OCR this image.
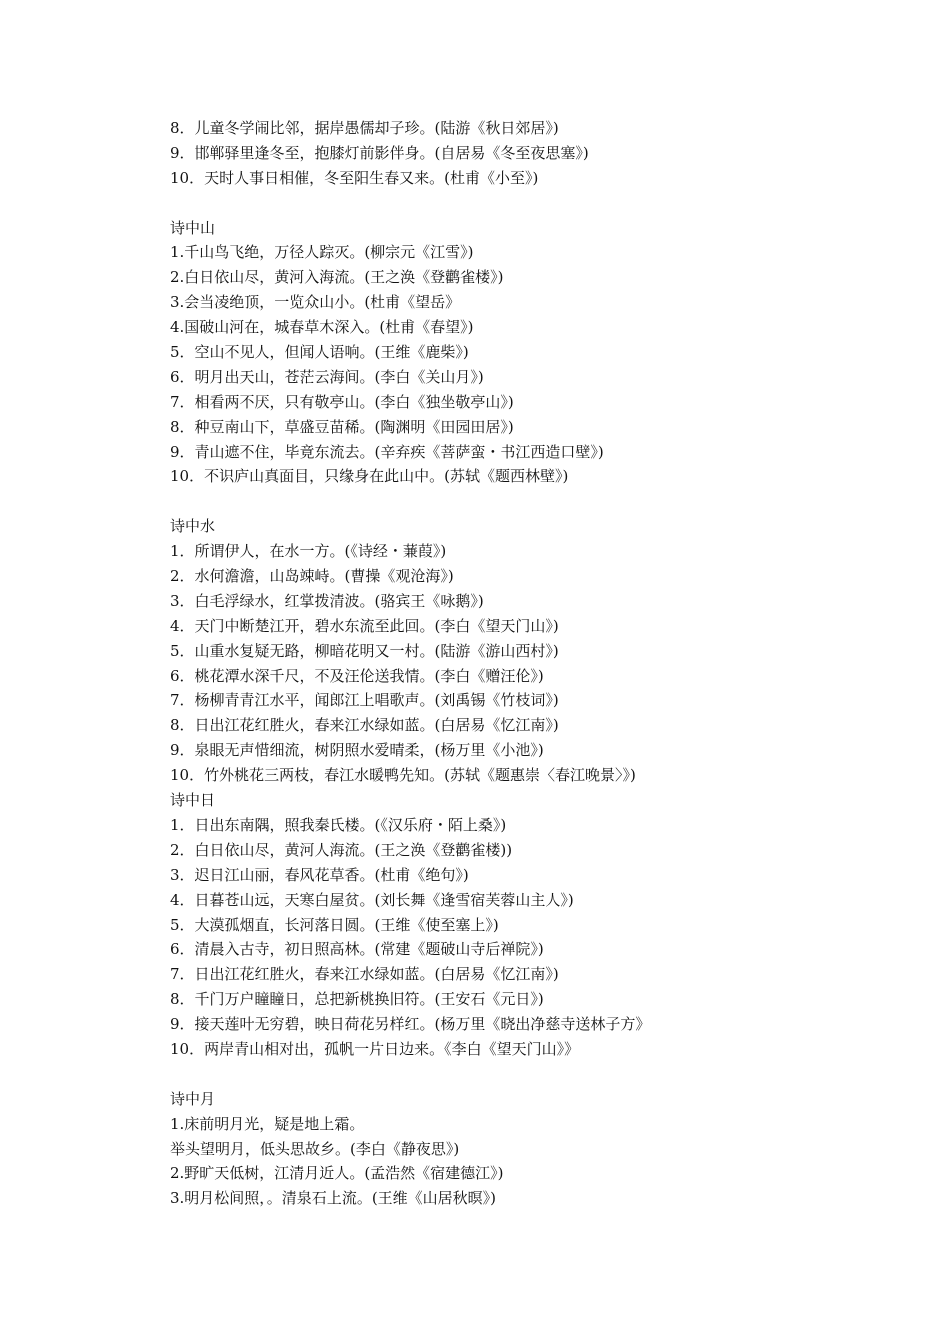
8．儿童冬学闹比邻，据岸愚儒却子珍。(陆游《秋日郊居》)
9．邯郸驿里逢冬至，抱膝灯前影伴身。(自居易《冬至夜思塞》)
10．天时人事日相催，冬至阳生春又来。(杜甫《小至》)
诗中山
1.千山鸟飞绝，万径人踪灭。(柳宗元《江雪》)
2.白日依山尽，黄河入海流。(王之涣《登鹳雀楼》)
3.会当凌绝顶，一览众山小。(杜甫《望岳》
4.国破山河在，城春草木深入。(杜甫《春望》)
5．空山不见人，但闻人语响。(王维《鹿柴》)
6．明月出天山，苍茫云海间。(李白《关山月》)
7．相看两不厌，只有敬亭山。(李白《独坐敬亭山》)
8．种豆南山下，草盛豆苗稀。(陶渊明《田园田居》)
9．青山遮不住，毕竟东流去。(辛弃疾《菩萨蛮・书江西造口壁》)
10．不识庐山真面目，只缘身在此山中。(苏轼《题西林壁》)
诗中水
1．所谓伊人，在水一方。(《诗经・蒹葭》)
2．水何澹澹，山岛竦峙。(曹操《观沧海》)
3．白毛浮绿水，红掌拨清波。(骆宾王《咏鹅》)
4．天门中断楚江开，碧水东流至此回。(李白《望天门山》)
5．山重水复疑无路，柳暗花明又一村。(陆游《游山西村》)
6．桃花潭水深千尺，不及汪伦送我情。(李白《赠汪伦》)
7．杨柳青青江水平，闻郎江上唱歌声。(刘禹锡《竹枝词》)
8．日出江花红胜火，春来江水绿如蓝。(白居易《忆江南》)
9．泉眼无声惜细流，树阴照水爱晴柔，(杨万里《小池》)
10．竹外桃花三两枝，春江水暖鸭先知。(苏轼《题惠崇〈春江晚景〉》)
诗中日
1．日出东南隅，照我秦氏楼。(《汉乐府・陌上桑》)
2．白日依山尽，黄河人海流。(王之涣《登鹳雀楼))
3．迟日江山丽，春风花草香。(杜甫《绝句》)
4．日暮苍山远，天寒白屋贫。(刘长舞《逢雪宿芙蓉山主人》)
5．大漠孤烟直，长河落日圆。(王维《使至塞上》)
6．清晨入古寺，初日照高林。(常建《题破山寺后禅院》)
7．日出江花红胜火，春来江水绿如蓝。(白居易《忆江南》)
8．千门万户瞳瞳日，总把新桃换旧符。(王安石《元日》)
9．接天莲叶无穷碧，映日荷花另样红。(杨万里《晓出净慈寺送林子方》
10．两岸青山相对出，孤帆一片日边来。《李白《望天门山》》
诗中月
1.床前明月光，疑是地上霜。
举头望明月，低头思故乡。(李白《静夜思》)
2.野旷天低树，江清月近人。(孟浩然《宿建德江》)
3.明月松间照，。清泉石上流。(王维《山居秋暝》)
